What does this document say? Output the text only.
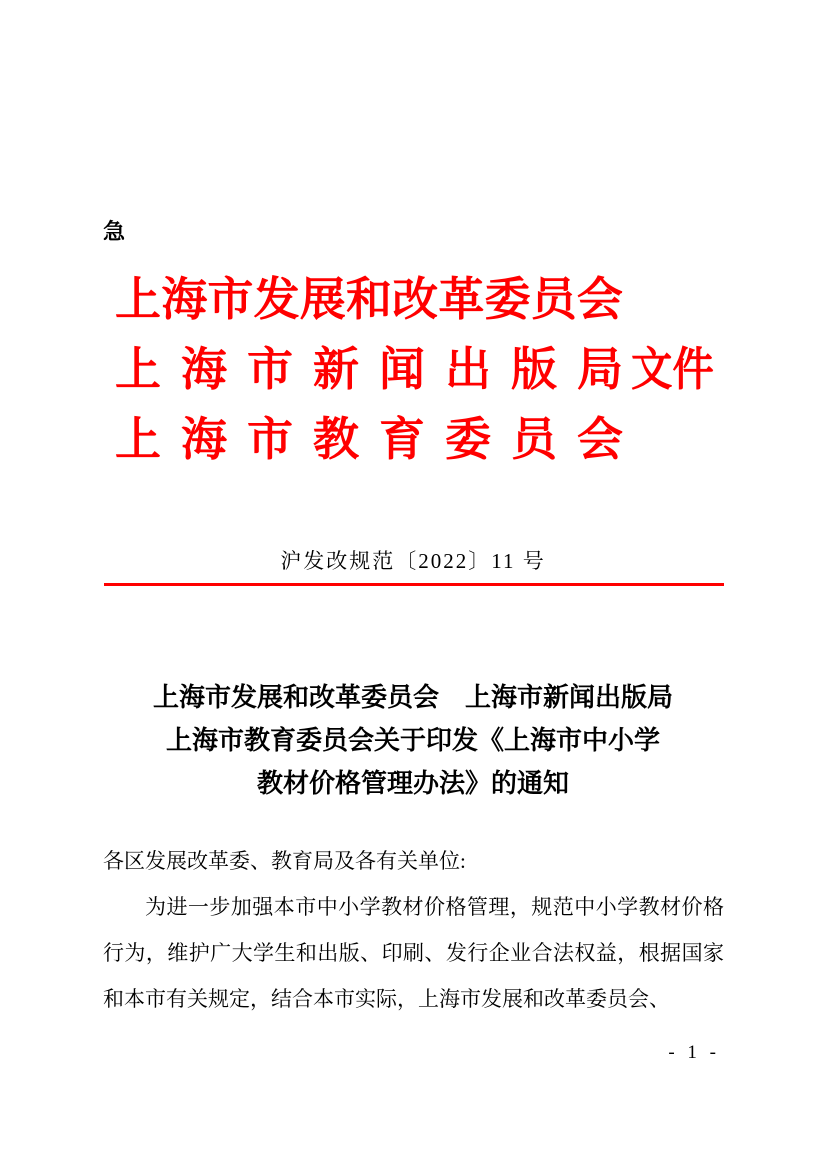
急
上 海 市 发 展 和 改 革 委 员 会
上 海 市 新 闻 出 版 局 文件
上 海 市 教 育 委 员 会
沪发改规范〔2022〕11 号
上海市发展和改革委员会　上海市新闻出版局
上海市教育委员会关于印发《上海市中小学
教材价格管理办法》的通知
各区发展改革委、教育局及各有关单位:
为进一步加强本市中小学教材价格管理，规范中小学教材价格行为，维护广大学生和出版、印刷、发行企业合法权益，根据国家和本市有关规定，结合本市实际，上海市发展和改革委员会、
- 1 -
